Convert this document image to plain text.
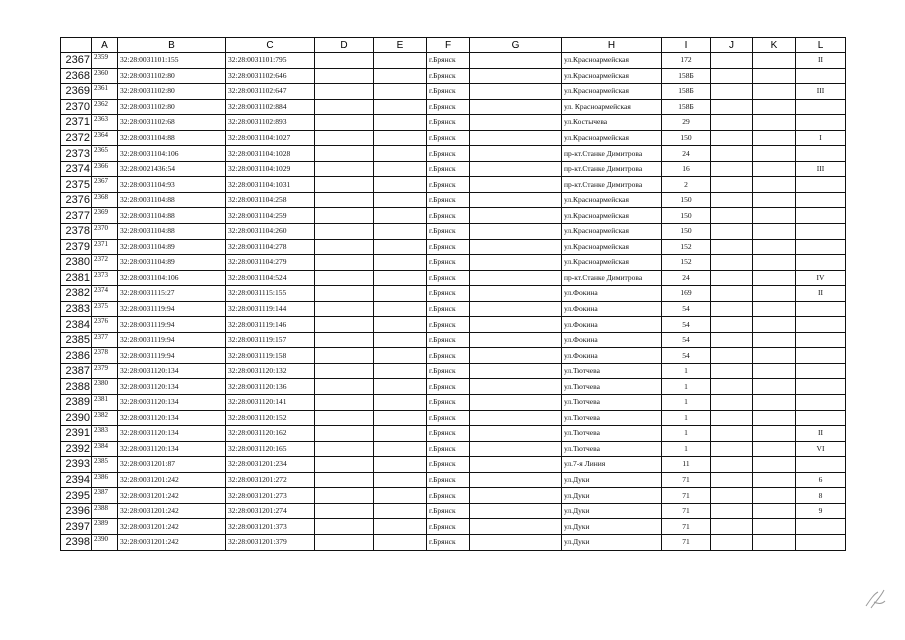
	A	B	C	D	E	F	G	H	I	J	K	L
2367	2359	32:28:0031101:155	32:28:0031101:795			г.Брянск		ул.Красноармейская	172			II
2368	2360	32:28:0031102:80	32:28:0031102:646			г.Брянск		ул.Красноармейская	158Б			
2369	2361	32:28:0031102:80	32:28:0031102:647			г.Брянск		ул.Красноармейская	158Б			III
2370	2362	32:28:0031102:80	32:28:0031102:884			г.Брянск		ул. Красноармейская	158Б			
2371	2363	32:28:0031102:68	32:28:0031102:893			г.Брянск		ул.Костычева	29			
2372	2364	32:28:0031104:88	32:28:0031104:1027			г.Брянск		ул.Красноармейская	150			I
2373	2365	32:28:0031104:106	32:28:0031104:1028			г.Брянск		пр-кт.Станке Димитрова	24			
2374	2366	32:28:0021436:54	32:28:0031104:1029			г.Брянск		пр-кт.Станке Димитрова	16			III
2375	2367	32:28:0031104:93	32:28:0031104:1031			г.Брянск		пр-кт.Станке Димитрова	2			
2376	2368	32:28:0031104:88	32:28:0031104:258			г.Брянск		ул.Красноармейская	150			
2377	2369	32:28:0031104:88	32:28:0031104:259			г.Брянск		ул.Красноармейская	150			
2378	2370	32:28:0031104:88	32:28:0031104:260			г.Брянск		ул.Красноармейская	150			
2379	2371	32:28:0031104:89	32:28:0031104:278			г.Брянск		ул.Красноармейская	152			
2380	2372	32:28:0031104:89	32:28:0031104:279			г.Брянск		ул.Красноармейская	152			
2381	2373	32:28:0031104:106	32:28:0031104:524			г.Брянск		пр-кт.Станке Димитрова	24			IV
2382	2374	32:28:0031115:27	32:28:0031115:155			г.Брянск		ул.Фокина	169			II
2383	2375	32:28:0031119:94	32:28:0031119:144			г.Брянск		ул.Фокина	54			
2384	2376	32:28:0031119:94	32:28:0031119:146			г.Брянск		ул.Фокина	54			
2385	2377	32:28:0031119:94	32:28:0031119:157			г.Брянск		ул.Фокина	54			
2386	2378	32:28:0031119:94	32:28:0031119:158			г.Брянск		ул.Фокина	54			
2387	2379	32:28:0031120:134	32:28:0031120:132			г.Брянск		ул.Тютчева	1			
2388	2380	32:28:0031120:134	32:28:0031120:136			г.Брянск		ул.Тютчева	1			
2389	2381	32:28:0031120:134	32:28:0031120:141			г.Брянск		ул.Тютчева	1			
2390	2382	32:28:0031120:134	32:28:0031120:152			г.Брянск		ул.Тютчева	1			
2391	2383	32:28:0031120:134	32:28:0031120:162			г.Брянск		ул.Тютчева	1			II
2392	2384	32:28:0031120:134	32:28:0031120:165			г.Брянск		ул.Тютчева	1			VI
2393	2385	32:28:0031201:87	32:28:0031201:234			г.Брянск		ул.7-я Линия	11			
2394	2386	32:28:0031201:242	32:28:0031201:272			г.Брянск		ул.Дуки	71			6
2395	2387	32:28:0031201:242	32:28:0031201:273			г.Брянск		ул.Дуки	71			8
2396	2388	32:28:0031201:242	32:28:0031201:274			г.Брянск		ул.Дуки	71			9
2397	2389	32:28:0031201:242	32:28:0031201:373			г.Брянск		ул.Дуки	71			
2398	2390	32:28:0031201:242	32:28:0031201:379			г.Брянск		ул.Дуки	71			
